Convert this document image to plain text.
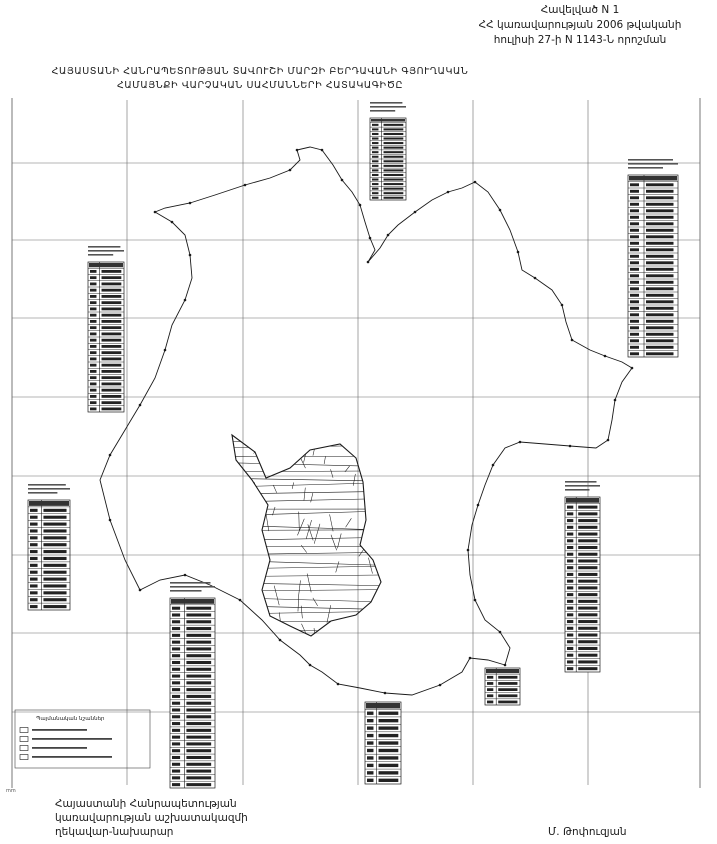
mm
Հավելված N 1
ՀՀ կառավարության 2006 թվականի
հուլիսի 27-ի N 1143-Ն որոշման
ՀԱՅԱՍՏԱՆԻ ՀԱՆՐԱՊԵՏՈՒԹՅԱՆ ՏԱՎՈՒՇԻ ՄԱՐԶԻ ԲԵՐԴԱՎԱՆԻ ԳՅՈՒՂԱԿԱՆ
ՀԱՄԱՅՆՔԻ ՎԱՐՉԱԿԱՆ ՍԱՀՄԱՆՆԵՐԻ ՀԱՏԱԿԱԳԻԾԸ
Պայմանական նշաններ
Հայաստանի Հանրապետության
կառավարության աշխատակազմի
ղեկավար-նախարար	Մ. Թոփուզյան
